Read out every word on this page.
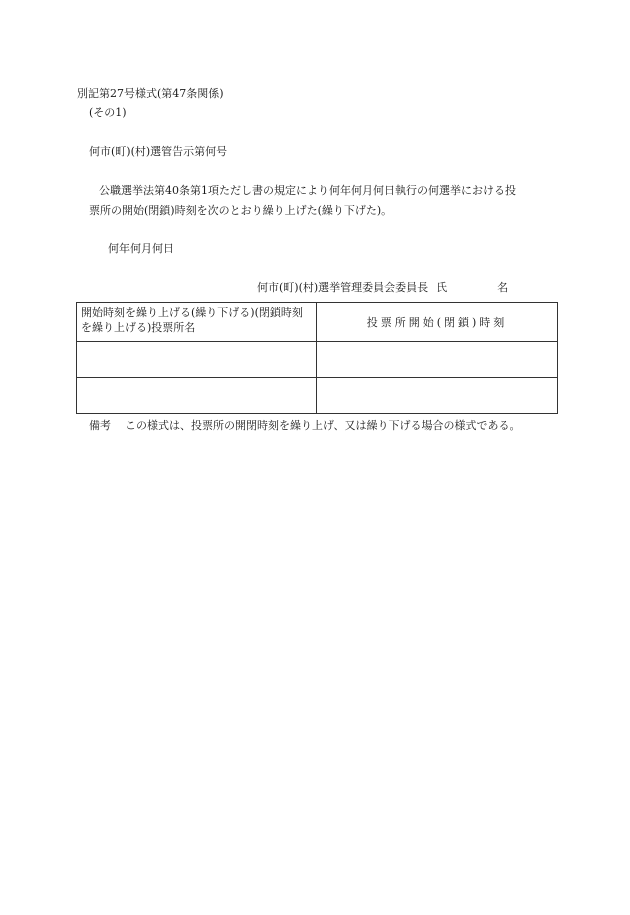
別記第27号様式(第47条関係)
(その1)
何市(町)(村)選管告示第何号
公職選挙法第40条第1項ただし書の規定により何年何月何日執行の何選挙における投
票所の開始(閉鎖)時刻を次のとおり繰り上げた(繰り下げた)。
何年何月何日
何市(町)(村)選挙管理委員会委員長 氏	名
開始時刻を繰り上げる(繰り下げる)(閉鎖時刻を繰り上げる)投票所名	投票所開始(閉鎖)時刻

備考 この様式は、投票所の開閉時刻を繰り上げ、又は繰り下げる場合の様式である。
